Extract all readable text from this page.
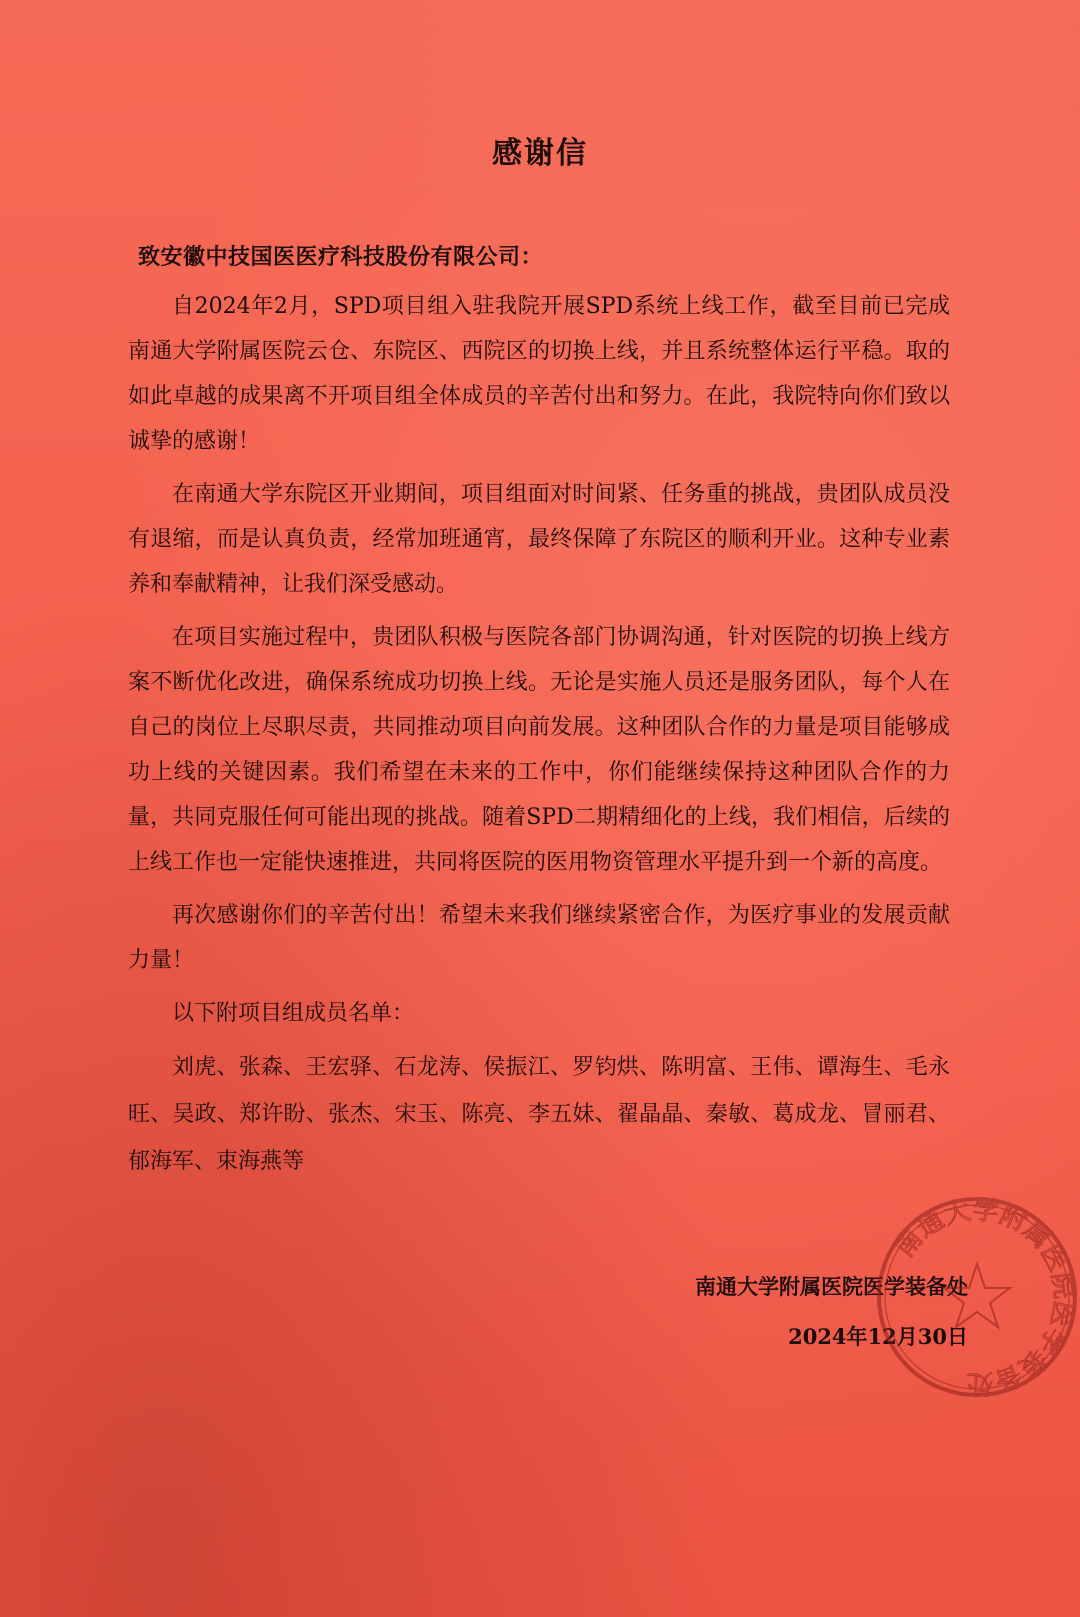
感谢信
致安徽中技国医医疗科技股份有限公司：

自2024年2月，SPD项目组入驻我院开展SPD系统上线工作，截至目前已完成南通大学附属医院云仓、东院区、西院区的切换上线，并且系统整体运行平稳。取的如此卓越的成果离不开项目组全体成员的辛苦付出和努力。在此，我院特向你们致以诚挚的感谢！

在南通大学东院区开业期间，项目组面对时间紧、任务重的挑战，贵团队成员没有退缩，而是认真负责，经常加班通宵，最终保障了东院区的顺利开业。这种专业素养和奉献精神，让我们深受感动。

在项目实施过程中，贵团队积极与医院各部门协调沟通，针对医院的切换上线方案不断优化改进，确保系统成功切换上线。无论是实施人员还是服务团队，每个人在自己的岗位上尽职尽责，共同推动项目向前发展。这种团队合作的力量是项目能够成功上线的关键因素。我们希望在未来的工作中，你们能继续保持这种团队合作的力量，共同克服任何可能出现的挑战。随着SPD二期精细化的上线，我们相信，后续的上线工作也一定能快速推进，共同将医院的医用物资管理水平提升到一个新的高度。

再次感谢你们的辛苦付出！希望未来我们继续紧密合作，为医疗事业的发展贡献力量！

以下附项目组成员名单：

刘虎、张森、王宏驿、石龙涛、侯振江、罗钧烘、陈明富、王伟、谭海生、毛永旺、吴政、郑许盼、张杰、宋玉、陈亮、李五妹、翟晶晶、秦敏、葛成龙、冒丽君、郁海军、束海燕等
南通大学附属医院医学装备处
2024年12月30日
南通大学附属医院医学装备处
